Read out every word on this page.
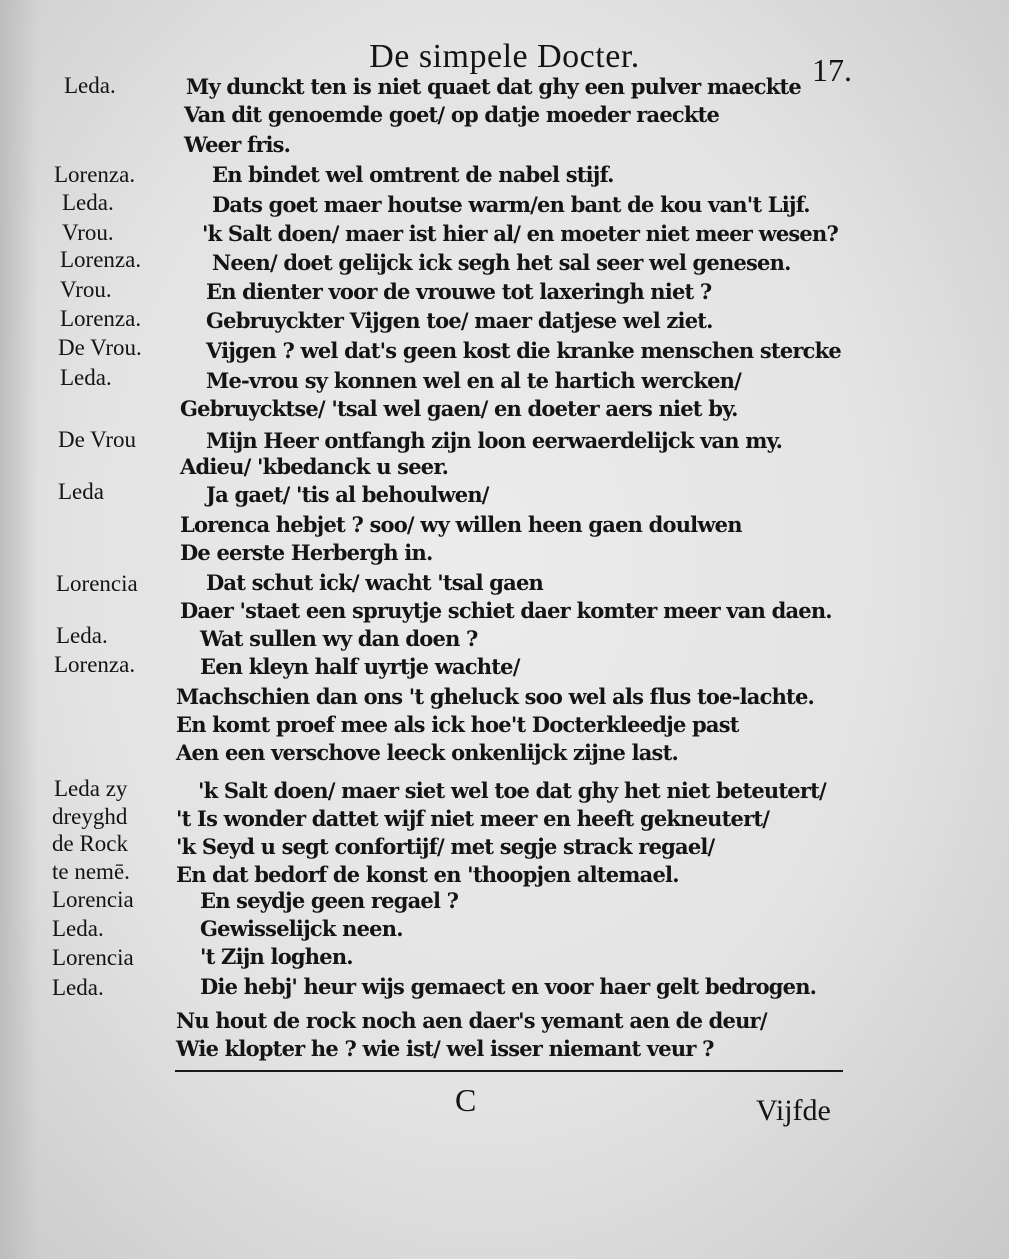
De simpele Docter.	17.
Leda.
Lorenza.
Leda.
Vrou.
Lorenza.
Vrou.
Lorenza.
De Vrou.
Leda.
De Vrou
Leda
Lorencia
Leda.
Lorenza.
Leda zy
dreyghd
de Rock
te nemē.
Lorencia
Leda.
Lorencia
Leda.
My dunckt ten is niet quaet dat ghy een pulver maeckte
Van dit genoemde goet/ op datje moeder raeckte
Weer fris.
En bindet wel omtrent de nabel stijf.
Dats goet maer houtse warm/en bant de kou van't Lijf.
'k Salt doen/ maer ist hier al/ en moeter niet meer wesen?
Neen/ doet gelijck ick segh het sal seer wel genesen.
En dienter voor de vrouwe tot laxeringh niet ?
Gebruyckter Vijgen toe/ maer datjese wel ziet.
Vijgen ? wel dat's geen kost die kranke menschen stercke
Me-vrou sy konnen wel en al te hartich wercken/
Gebruycktse/ 'tsal wel gaen/ en doeter aers niet by.
Mijn Heer ontfangh zijn loon eerwaerdelijck van my.
Adieu/ 'kbedanck u seer.
Ja gaet/ 'tis al behoulwen/
Lorenca hebjet ? soo/ wy willen heen gaen doulwen
De eerste Herbergh in.
Dat schut ick/ wacht 'tsal gaen
Daer 'staet een spruytje schiet daer komter meer van daen.
Wat sullen wy dan doen ?
Een kleyn half uyrtje wachte/
Machschien dan ons 't gheluck soo wel als flus toe-lachte.
En komt proef mee als ick hoe't Docterkleedje past
Aen een verschove leeck onkenlijck zijne last.
'k Salt doen/ maer siet wel toe dat ghy het niet beteutert/
't Is wonder dattet wijf niet meer en heeft gekneutert/
'k Seyd u segt confortijf/ met segje strack regael/
En dat bedorf de konst en 'thoopjen altemael.
En seydje geen regael ?
Gewisselijck neen.
't Zijn loghen.
Die hebj' heur wijs gemaect en voor haer gelt bedrogen.
Nu hout de rock noch aen daer's yemant aen de deur/
Wie klopter he ? wie ist/ wel isser niemant veur ?
C	Vijfde
